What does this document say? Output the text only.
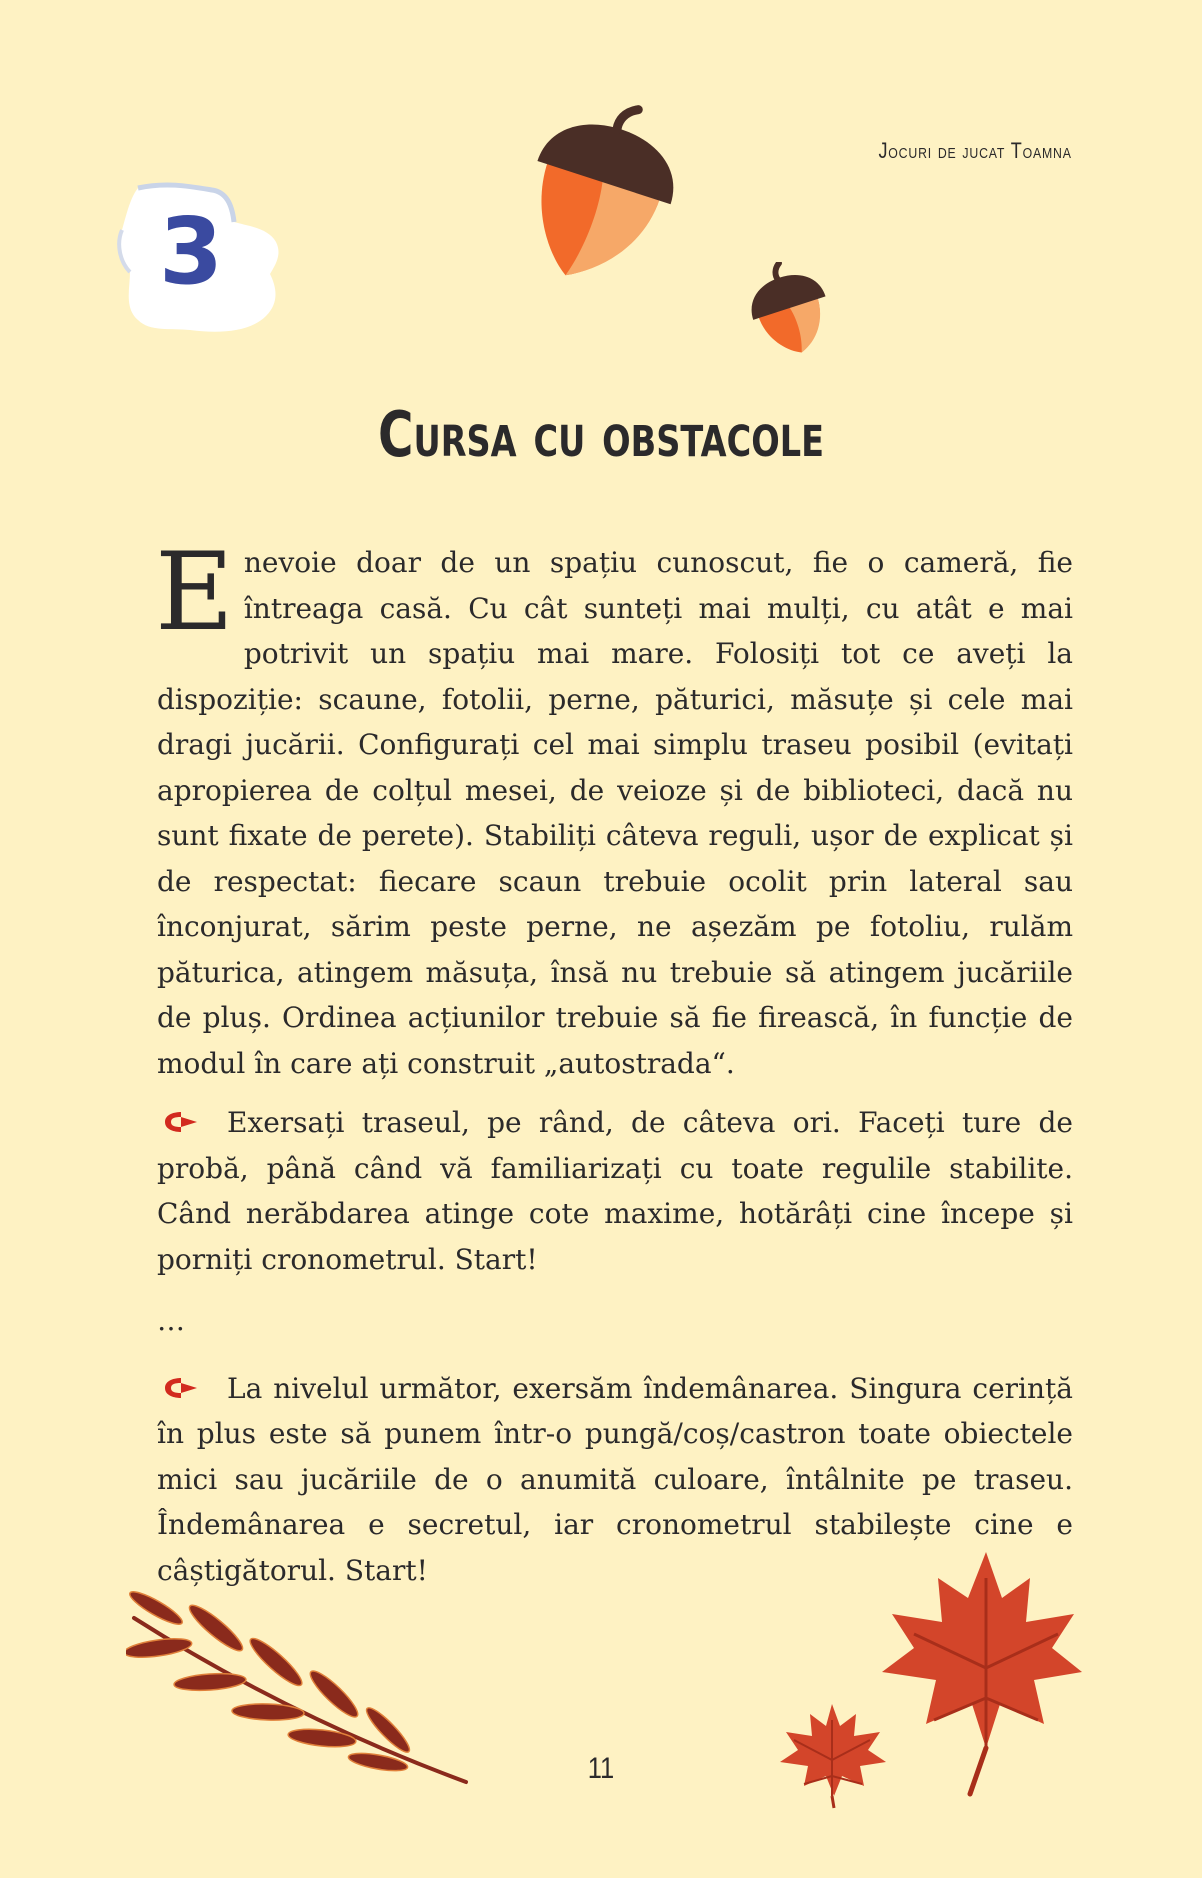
Jocuri de jucat Toamna
3
Cursa cu obstacole

Enevoie doar de un spațiu cunoscut, fie o cameră, fie întreaga casă. Cu cât sunteți mai mulți, cu atât e mai potrivit un spațiu mai mare. Folosiți tot ce aveți la dispoziție: scaune, fotolii, perne, păturici, măsuțe și cele mai dragi jucării. Configurați cel mai simplu traseu posibil (evitați apropierea de colțul mesei, de veioze și de biblioteci, dacă nu sunt fixate de perete). Stabiliți câteva reguli, ușor de explicat și de respectat: fiecare scaun trebuie ocolit prin lateral sau înconjurat, sărim peste perne, ne așezăm pe fotoliu, rulăm păturica, atingem măsuța, însă nu trebuie să atingem jucăriile de pluș. Ordinea acțiunilor trebuie să fie firească, în funcție de modul în care ați construit „autostrada“.

Exersați traseul, pe rând, de câteva ori. Faceți ture de probă, până când vă familiarizați cu toate regulile stabilite. Când nerăbdarea atinge cote maxime, hotărâți cine începe și porniți cronometrul. Start!

…

La nivelul următor, exersăm îndemânarea. Singura cerință în plus este să punem într-o pungă/coș/castron toate obiectele mici sau jucăriile de o anumită culoare, întâlnite pe traseu. Îndemânarea e secretul, iar cronometrul stabilește cine e câștigătorul. Start!

11
